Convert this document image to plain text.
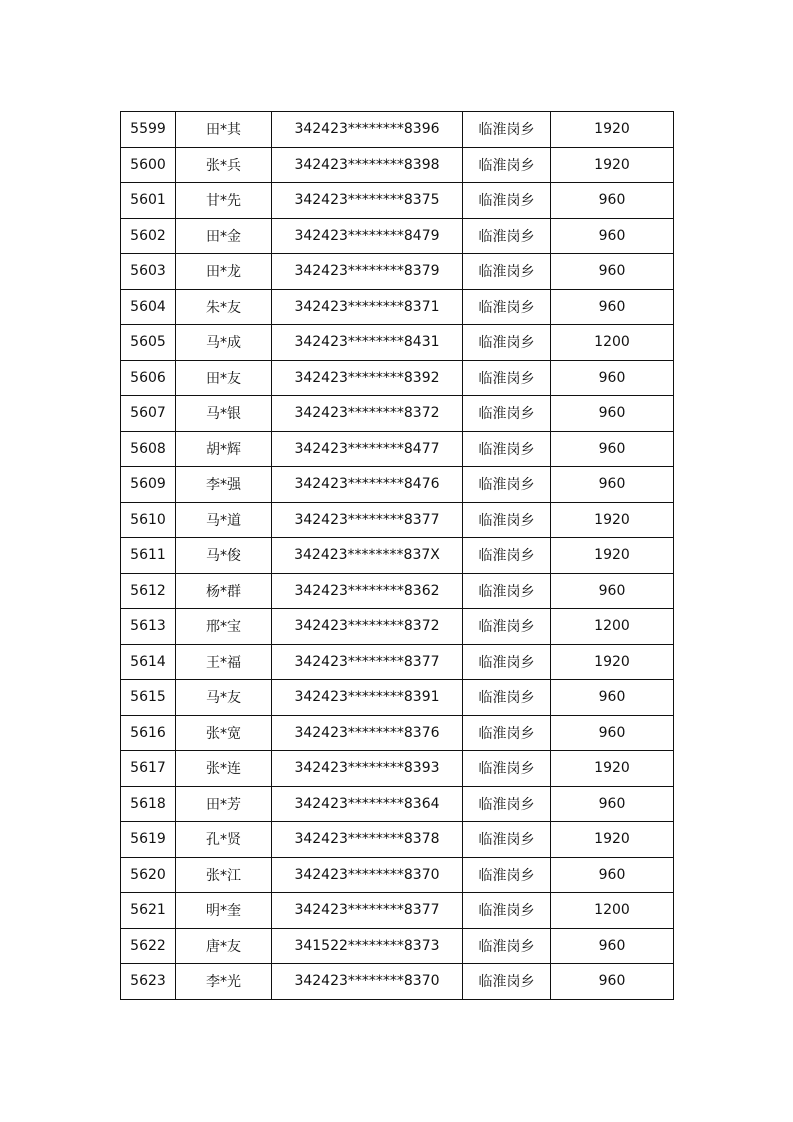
5599	田*其	342423********8396	临淮岗乡	1920
5600	张*兵	342423********8398	临淮岗乡	1920
5601	甘*先	342423********8375	临淮岗乡	960
5602	田*金	342423********8479	临淮岗乡	960
5603	田*龙	342423********8379	临淮岗乡	960
5604	朱*友	342423********8371	临淮岗乡	960
5605	马*成	342423********8431	临淮岗乡	1200
5606	田*友	342423********8392	临淮岗乡	960
5607	马*银	342423********8372	临淮岗乡	960
5608	胡*辉	342423********8477	临淮岗乡	960
5609	李*强	342423********8476	临淮岗乡	960
5610	马*道	342423********8377	临淮岗乡	1920
5611	马*俊	342423********837X	临淮岗乡	1920
5612	杨*群	342423********8362	临淮岗乡	960
5613	邢*宝	342423********8372	临淮岗乡	1200
5614	王*福	342423********8377	临淮岗乡	1920
5615	马*友	342423********8391	临淮岗乡	960
5616	张*宽	342423********8376	临淮岗乡	960
5617	张*连	342423********8393	临淮岗乡	1920
5618	田*芳	342423********8364	临淮岗乡	960
5619	孔*贤	342423********8378	临淮岗乡	1920
5620	张*江	342423********8370	临淮岗乡	960
5621	明*奎	342423********8377	临淮岗乡	1200
5622	唐*友	341522********8373	临淮岗乡	960
5623	李*光	342423********8370	临淮岗乡	960
